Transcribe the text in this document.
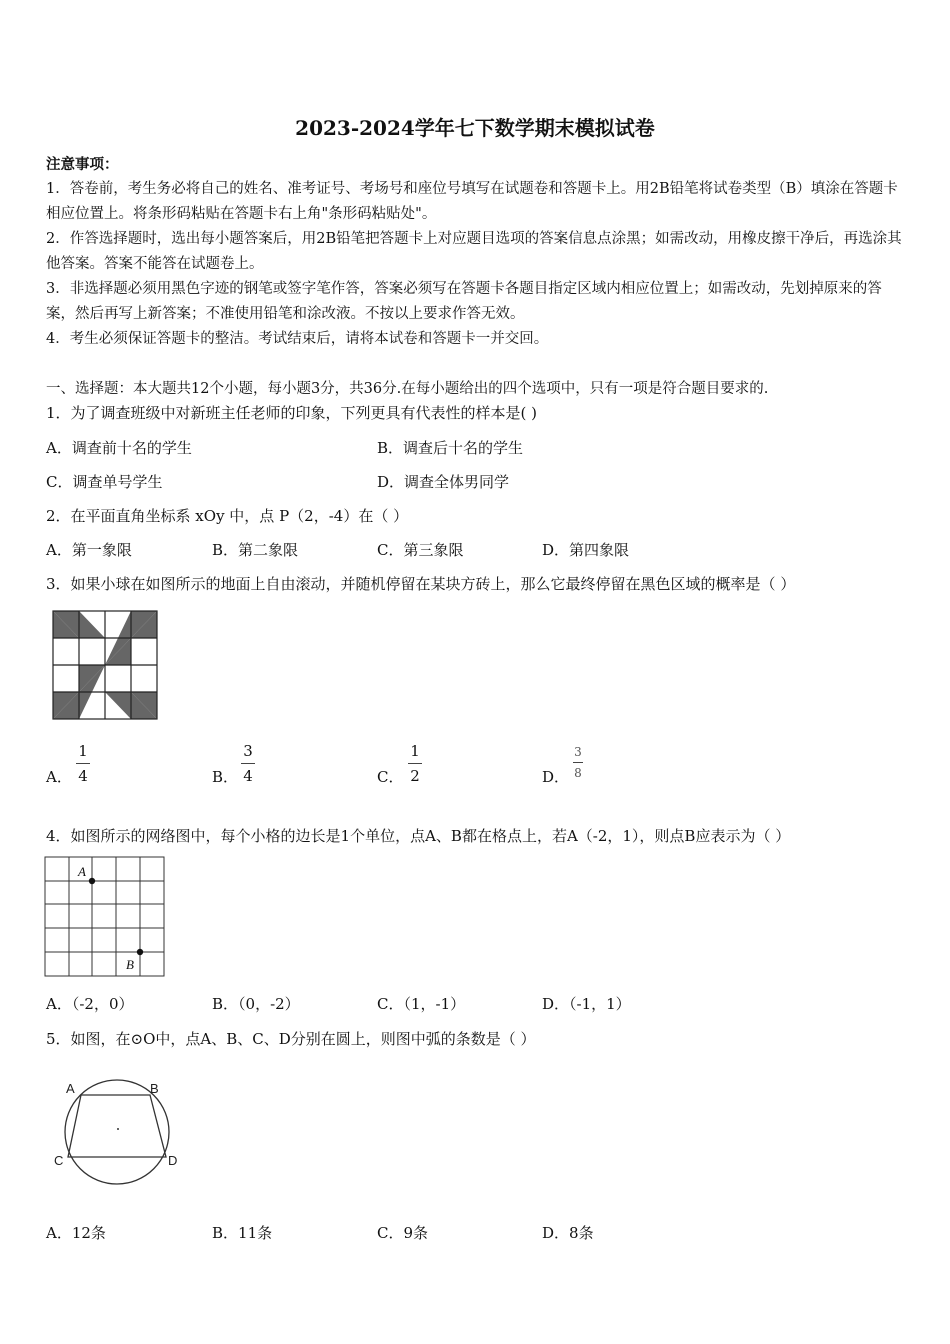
2023-2024学年七下数学期末模拟试卷
注意事项：
1．答卷前，考生务必将自己的姓名、准考证号、考场号和座位号填写在试题卷和答题卡上。用2B铅笔将试卷类型（B）填涂在答题卡相应位置上。将条形码粘贴在答题卡右上角"条形码粘贴处"。
2．作答选择题时，选出每小题答案后，用2B铅笔把答题卡上对应题目选项的答案信息点涂黑；如需改动，用橡皮擦干净后，再选涂其他答案。答案不能答在试题卷上。
3．非选择题必须用黑色字迹的钢笔或签字笔作答，答案必须写在答题卡各题目指定区域内相应位置上；如需改动，先划掉原来的答案，然后再写上新答案；不准使用铅笔和涂改液。不按以上要求作答无效。
4．考生必须保证答题卡的整洁。考试结束后，请将本试卷和答题卡一并交回。
一、选择题：本大题共12个小题，每小题3分，共36分.在每小题给出的四个选项中，只有一项是符合题目要求的.
1．为了调查班级中对新班主任老师的印象，下列更具有代表性的样本是( )
A．调查前十名的学生	B．调查后十名的学生
C．调查单号学生	D．调查全体男同学
2．在平面直角坐标系 xOy 中，点 P（2，-4）在（ ）
A．第一象限	B．第二象限	C．第三象限	D．第四象限
3．如果小球在如图所示的地面上自由滚动，并随机停留在某块方砖上，那么它最终停留在黑色区域的概率是（ ）
A．
1
4	B．
3
4	C．
1
2	D．
3
8
4．如图所示的网络图中，每个小格的边长是1个单位，点A、B都在格点上，若A（-2，1），则点B应表示为（ ）
A
B
A．（-2，0）	B．（0，-2）	C．（1，-1）	D．（-1，1）
5．如图，在⊙O中，点A、B、C、D分别在圆上，则图中弧的条数是（ ）
A	B
C	D
A．12条	B．11条	C．9条	D．8条
